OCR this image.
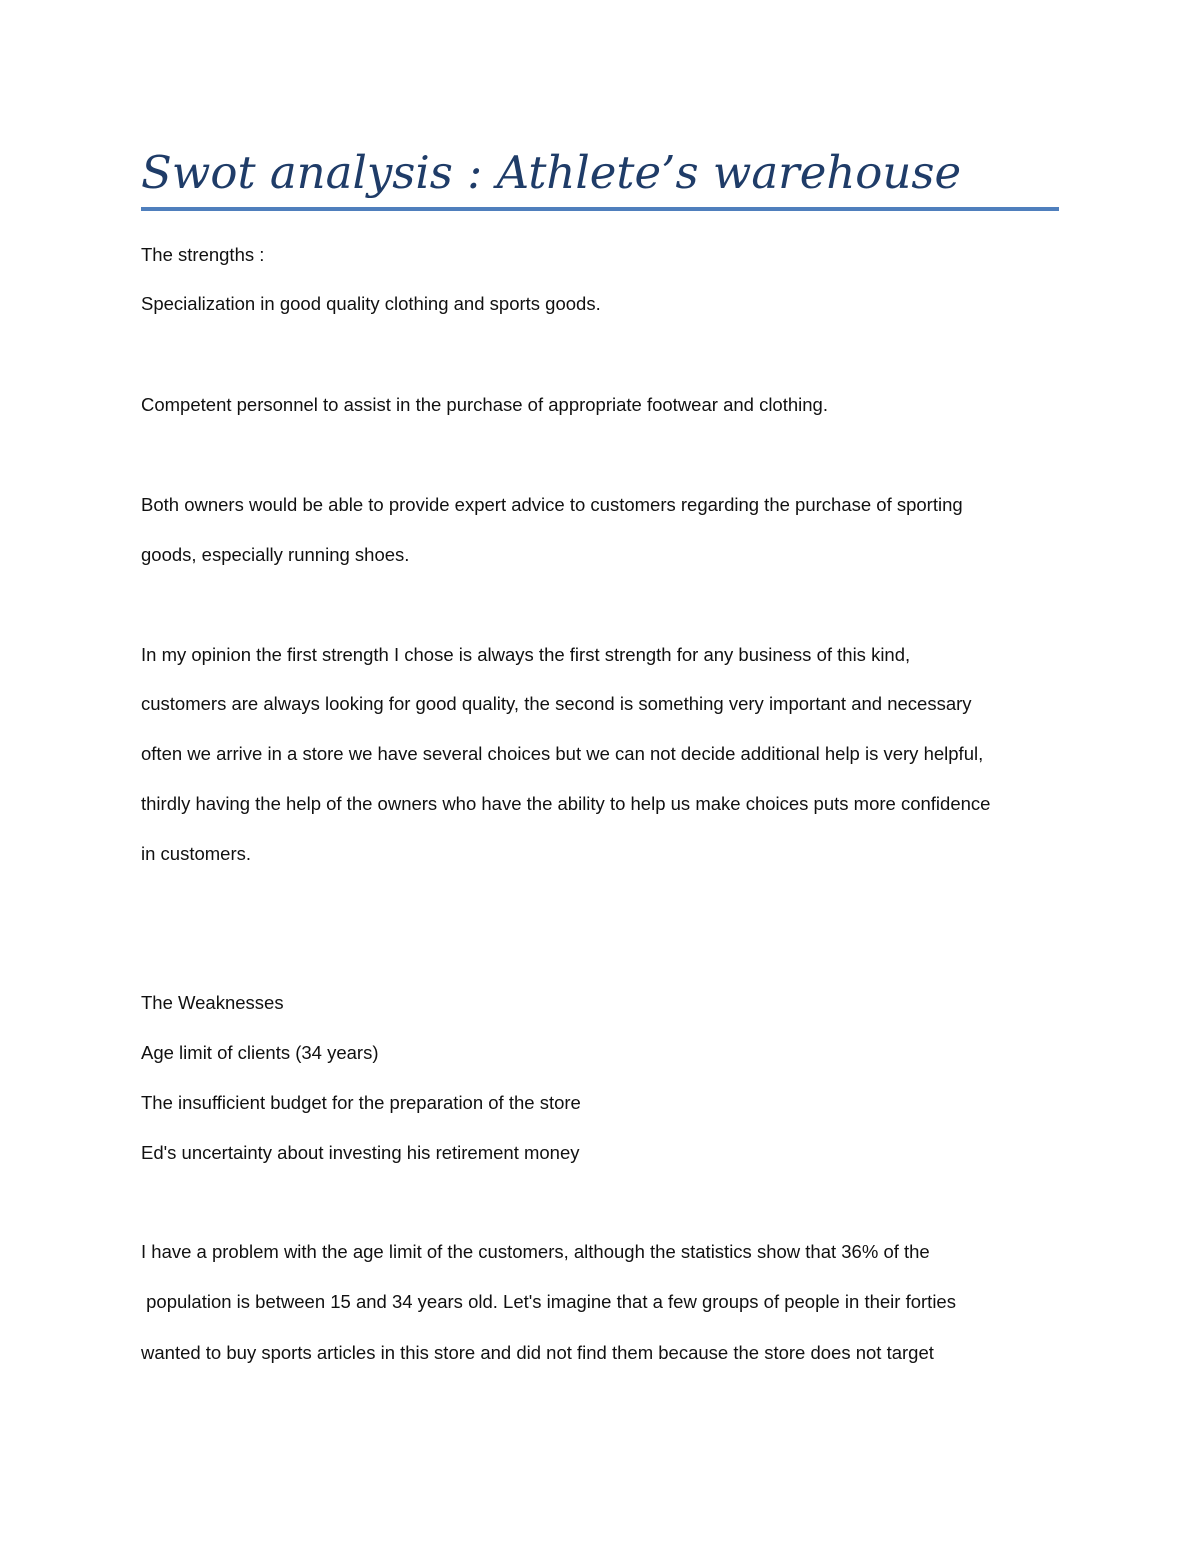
Swot analysis : Athlete’s warehouse
The strengths :
Specialization in good quality clothing and sports goods.
Competent personnel to assist in the purchase of appropriate footwear and clothing.
Both owners would be able to provide expert advice to customers regarding the purchase of sporting
goods, especially running shoes.
In my opinion the first strength I chose is always the first strength for any business of this kind,
customers are always looking for good quality, the second is something very important and necessary
often we arrive in a store we have several choices but we can not decide additional help is very helpful,
thirdly having the help of the owners who have the ability to help us make choices puts more confidence
in customers.
The Weaknesses
Age limit of clients (34 years)
The insufficient budget for the preparation of the store
Ed's uncertainty about investing his retirement money
I have a problem with the age limit of the customers, although the statistics show that 36% of the
population is between 15 and 34 years old. Let's imagine that a few groups of people in their forties
wanted to buy sports articles in this store and did not find them because the store does not target
